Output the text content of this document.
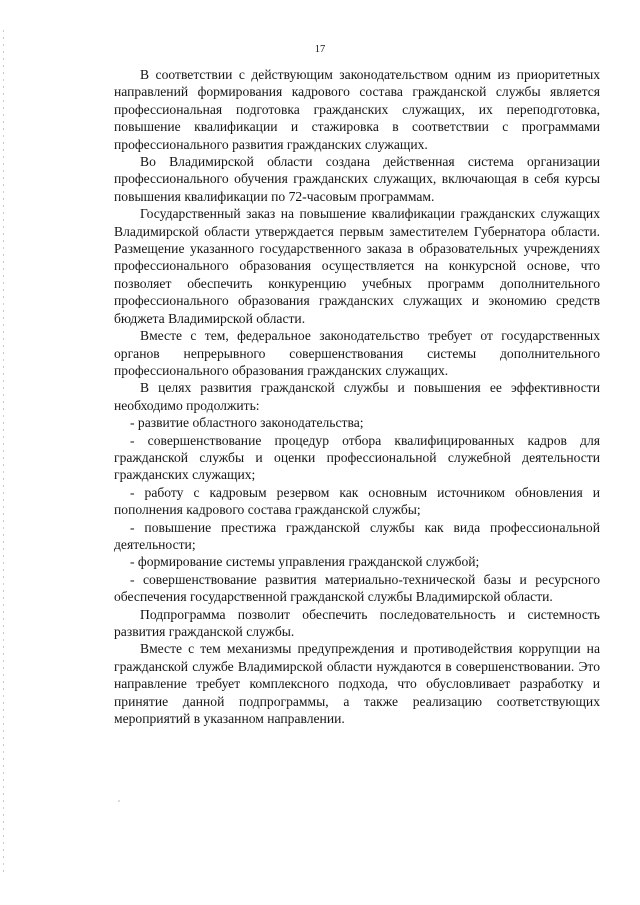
17

В соответствии с действующим законодательством одним из приоритетных направлений формирования кадрового состава гражданской службы является профессиональная подготовка гражданских служащих, их переподготовка, повышение квалификации и стажировка в соответствии с программами профессионального развития гражданских служащих.

Во Владимирской области создана действенная система организации профессионального обучения гражданских служащих, включающая в себя курсы повышения квалификации по 72-часовым программам.

Государственный заказ на повышение квалификации гражданских служащих Владимирской области утверждается первым заместителем Губернатора области. Размещение указанного государственного заказа в образовательных учреждениях профессионального образования осуществляется на конкурсной основе, что позволяет обеспечить конкуренцию учебных программ дополнительного профессионального образования гражданских служащих и экономию средств бюджета Владимирской области.

Вместе с тем, федеральное законодательство требует от государственных органов непрерывного совершенствования системы дополнительного профессионального образования гражданских служащих.

В целях развития гражданской службы и повышения ее эффективности необходимо продолжить:

- развитие областного законодательства;

- совершенствование процедур отбора квалифицированных кадров для гражданской службы и оценки профессиональной служебной деятельности гражданских служащих;

- работу с кадровым резервом как основным источником обновления и пополнения кадрового состава гражданской службы;

- повышение престижа гражданской службы как вида профессиональной деятельности;

- формирование системы управления гражданской службой;

- совершенствование развития материально-технической базы и ресурсного обеспечения государственной гражданской службы Владимирской области.

Подпрограмма позволит обеспечить последовательность и системность развития гражданской службы.

Вместе с тем механизмы предупреждения и противодействия коррупции на гражданской службе Владимирской области нуждаются в совершенствовании. Это направление требует комплексного подхода, что обусловливает разработку и принятие данной подпрограммы, а также реализацию соответствующих мероприятий в указанном направлении.
